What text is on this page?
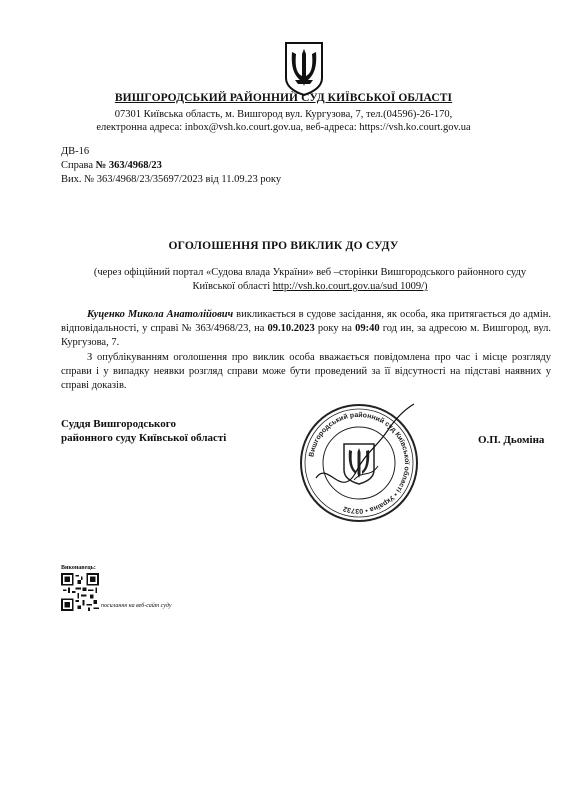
ВИШГОРОДСЬКИЙ РАЙОННИЙ СУД КИЇВСЬКОЇ ОБЛАСТІ
07301 Київська область, м. Вишгород вул. Кургузова, 7, тел.(04596)-26-170,
електронна адреса: inbox@vsh.ko.court.gov.ua, веб-адреса: https://vsh.ko.court.gov.ua
ДВ-16
Справа № 363/4968/23
Вих. № 363/4968/23/35697/2023 від 11.09.23 року
ОГОЛОШЕННЯ ПРО ВИКЛИК ДО СУДУ
(через офіційний портал «Судова влада України» веб –сторінки Вишгородського районного суду Київської області http://vsh.ko.court.gov.ua/sud 1009/)
Куценко Микола Анатолійович викликається в судове засідання, як особа, яка притягається до адмін. відповідальності, у справі № 363/4968/23, на 09.10.2023 року на 09:40 год ин, за адресою м. Вишгород, вул. Кургузова, 7.
З опублікуванням оголошення про виклик особа вважається повідомлена про час і місце розгляду справи і у випадку неявки розгляд справи може бути проведений за її відсутності на підставі наявних у справі доказів.
Суддя Вишгородського
районного суду Київської області
Вишгородський районний суд Київської області • Україна • 03732
О.П. Дьоміна
Виконавець:
посилання на веб-сайт суду
